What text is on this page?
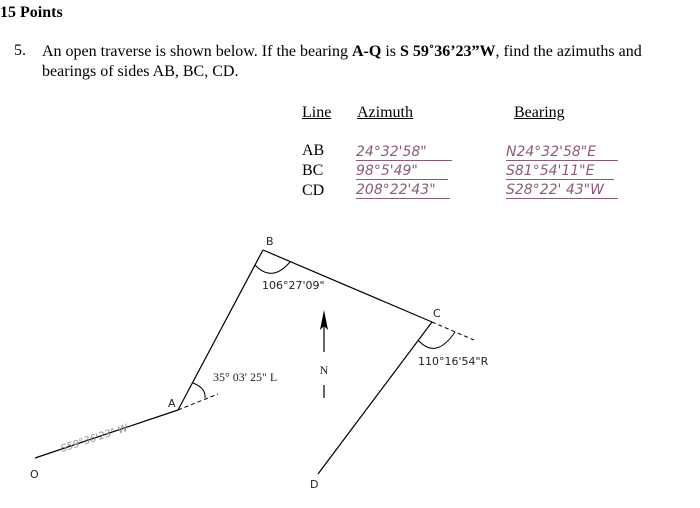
15 Points
5. An open traverse is shown below. If the bearing A-Q is S 59˚36’23”W, find the azimuths and
bearings of sides AB, BC, CD.
Line Azimuth	Bearing
AB
BC
CD
24°32'58"
98°5'49"
208°22'43"
N24°32'58"E
S81°54'11"E
S28°22' 43"W
N
B
C
A
O
D
106°27'09"
35° 03' 25" L
110°16'54"R
S59°36'23" W
